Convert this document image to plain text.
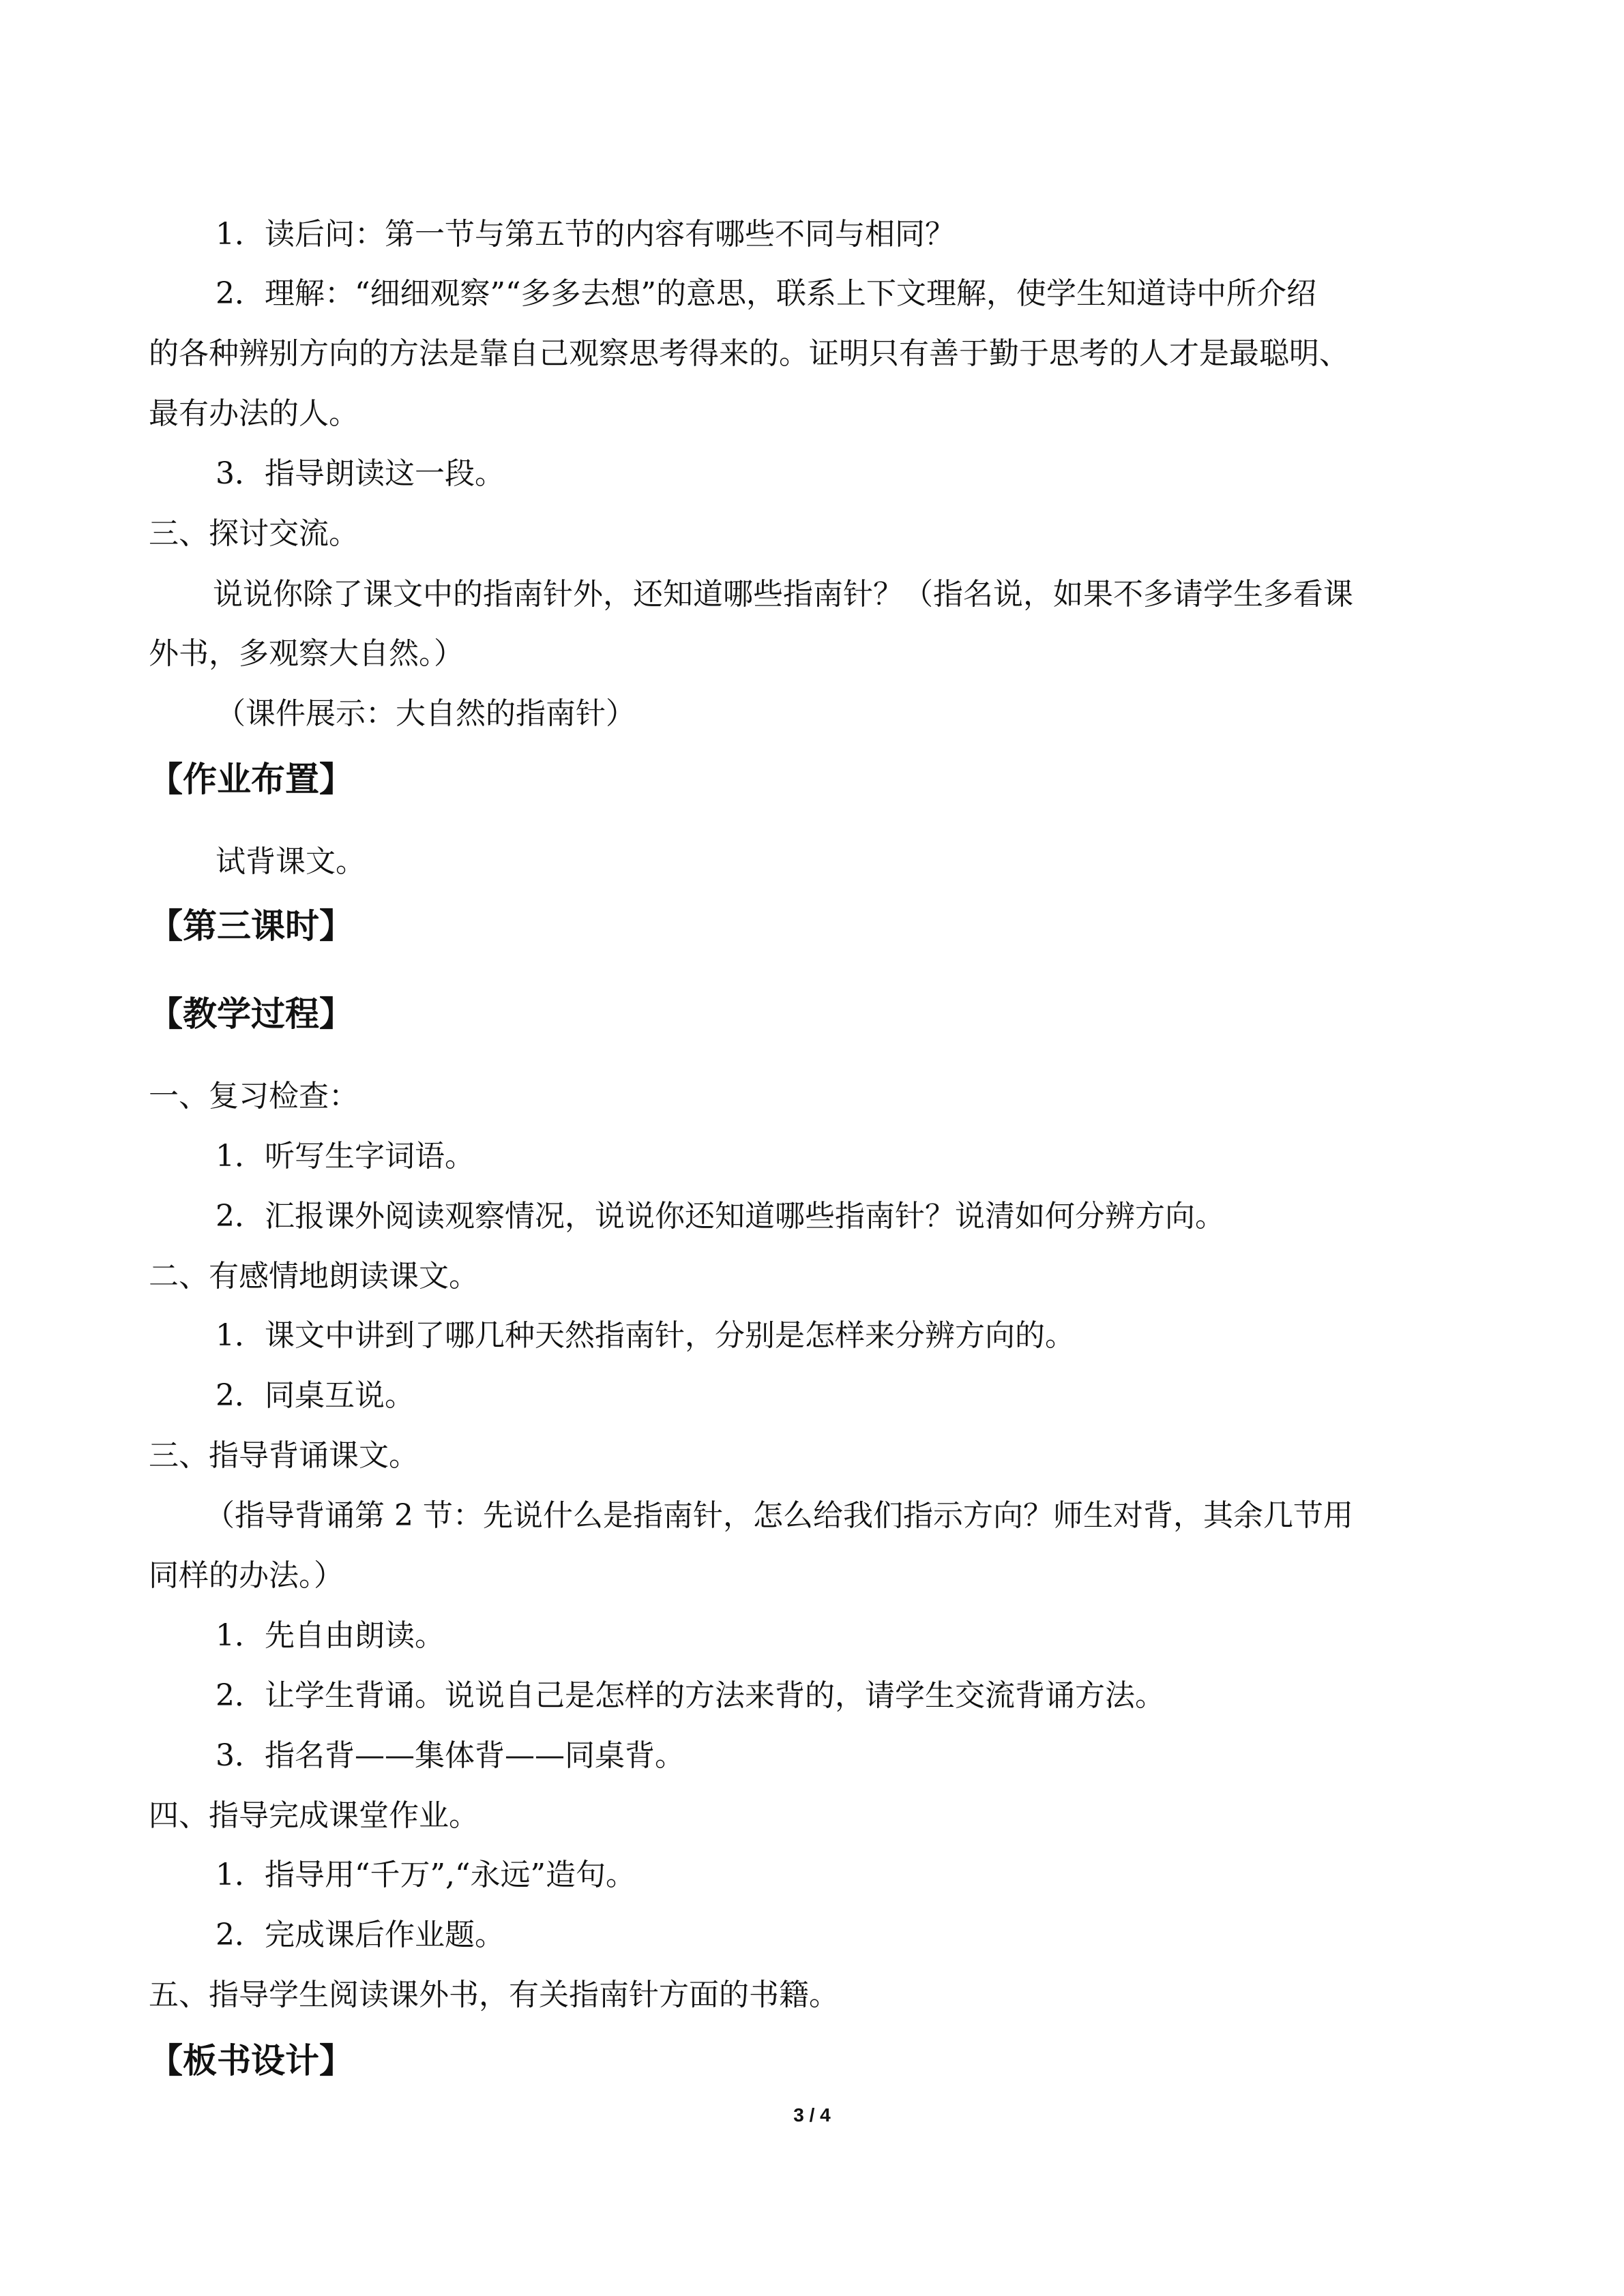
1．读后问：第一节与第五节的内容有哪些不同与相同？
2．理解：“细细观察”“多多去想”的意思，联系上下文理解，使学生知道诗中所介绍
的各种辨别方向的方法是靠自己观察思考得来的。证明只有善于勤于思考的人才是最聪明、
最有办法的人。
3．指导朗读这一段。
三、探讨交流。
说说你除了课文中的指南针外，还知道哪些指南针？（指名说，如果不多请学生多看课
外书，多观察大自然。）
（课件展示：大自然的指南针）
【作业布置】
试背课文。
【第三课时】
【教学过程】
一、复习检查：
1．听写生字词语。
2．汇报课外阅读观察情况，说说你还知道哪些指南针？说清如何分辨方向。
二、有感情地朗读课文。
1．课文中讲到了哪几种天然指南针，分别是怎样来分辨方向的。
2．同桌互说。
三、指导背诵课文。
（指导背诵第 2 节：先说什么是指南针，怎么给我们指示方向？师生对背，其余几节用
同样的办法。）
1．先自由朗读。
2．让学生背诵。说说自己是怎样的方法来背的，请学生交流背诵方法。
3．指名背——集体背——同桌背。
四、指导完成课堂作业。
1．指导用“千万”,“永远”造句。
2．完成课后作业题。
五、指导学生阅读课外书，有关指南针方面的书籍。
【板书设计】
3 / 4
